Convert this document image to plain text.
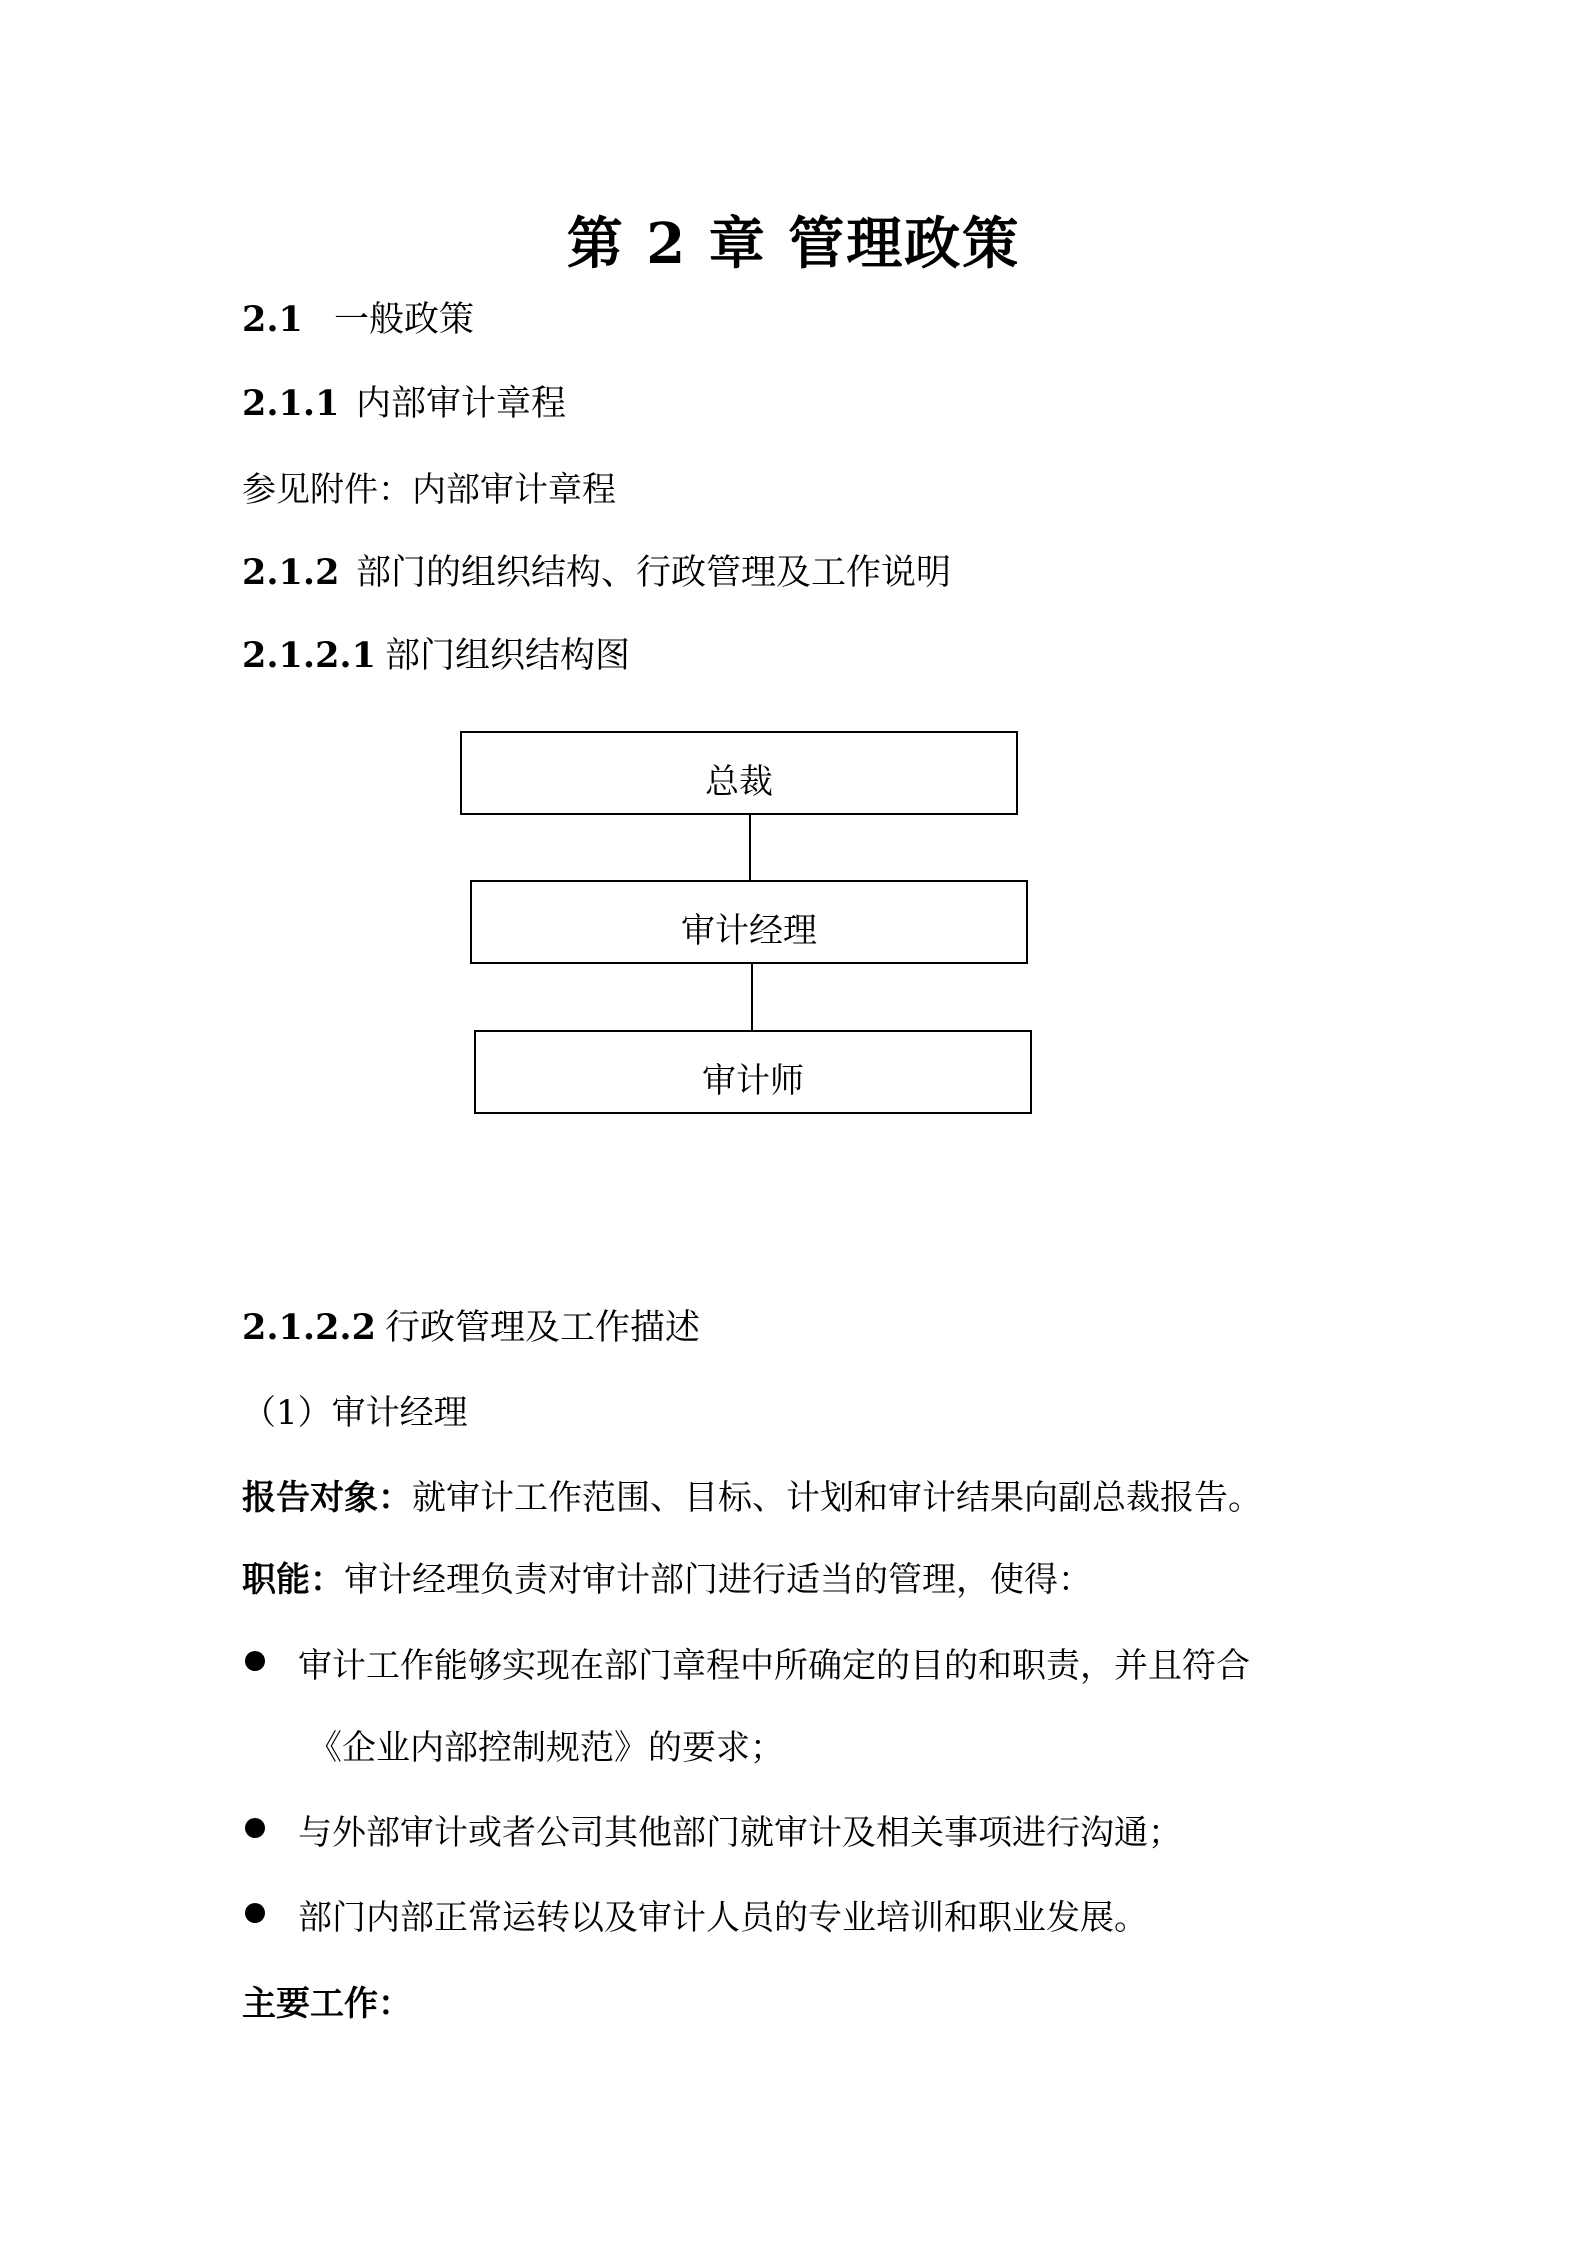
第 2 章 管理政策
2.1 一般政策
2.1.1 内部审计章程
参见附件：内部审计章程
2.1.2 部门的组织结构、行政管理及工作说明
2.1.2.1 部门组织结构图
总裁
审计经理
审计师
2.1.2.2 行政管理及工作描述
（1）审计经理
报告对象：就审计工作范围、目标、计划和审计结果向副总裁报告。
职能：审计经理负责对审计部门进行适当的管理，使得：
审计工作能够实现在部门章程中所确定的目的和职责，并且符合
《企业内部控制规范》的要求；
与外部审计或者公司其他部门就审计及相关事项进行沟通；
部门内部正常运转以及审计人员的专业培训和职业发展。
主要工作：
